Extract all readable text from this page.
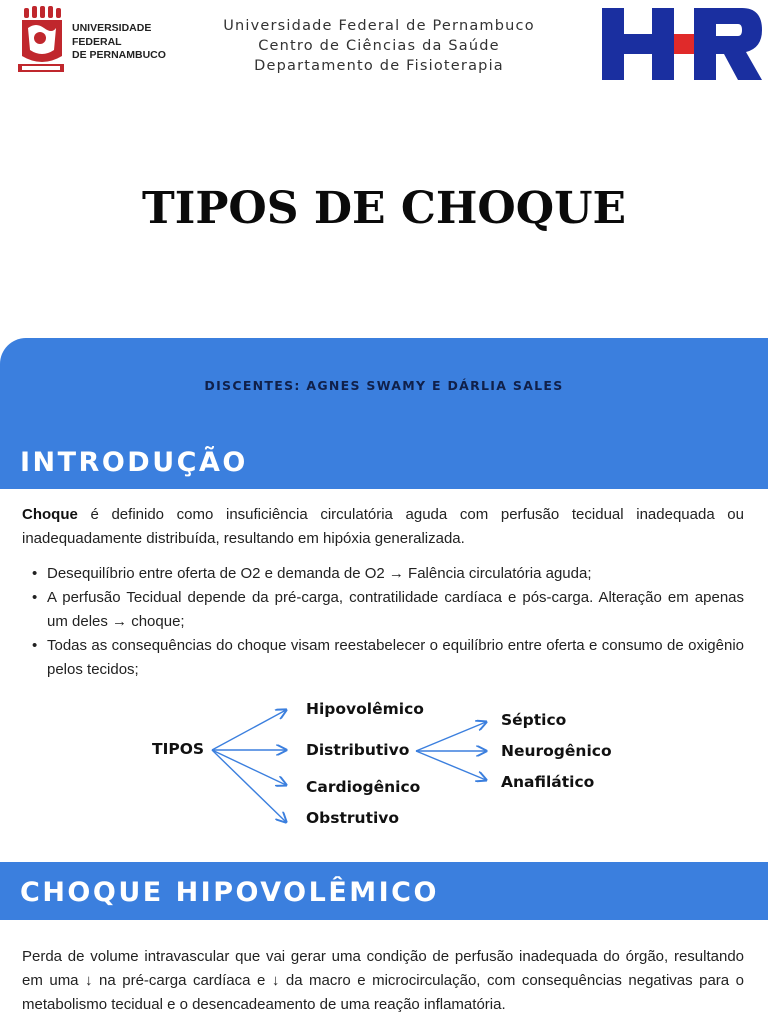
UNIVERSIDADE
FEDERAL
DE PERNAMBUCO
Universidade Federal de Pernambuco
Centro de Ciências da Saúde
Departamento de Fisioterapia
TIPOS DE CHOQUE
DISCENTES: AGNES SWAMY E DÁRLIA SALES
INTRODUÇÃO

Choque é definido como insuficiência circulatória aguda com perfusão tecidual inadequada ou inadequadamente distribuída, resultando em hipóxia generalizada.

• Desequilíbrio entre oferta de O2 e demanda de O2 → Falência circulatória aguda;
• A perfusão Tecidual depende da pré-carga, contratilidade cardíaca e pós-carga. Alteração em apenas um deles → choque;
• Todas as consequências do choque visam reestabelecer o equilíbrio entre oferta e consumo de oxigênio pelos tecidos;
TIPOS
Hipovolêmico
Distributivo
Cardiogênico
Obstrutivo
Séptico
Neurogênico
Anafilático
CHOQUE HIPOVOLÊMICO

Perda de volume intravascular que vai gerar uma condição de perfusão inadequada do órgão, resultando em uma ↓ na pré-carga cardíaca e ↓ da macro e microcirculação, com consequências negativas para o metabolismo tecidual e o desencadeamento de uma reação inflamatória.
